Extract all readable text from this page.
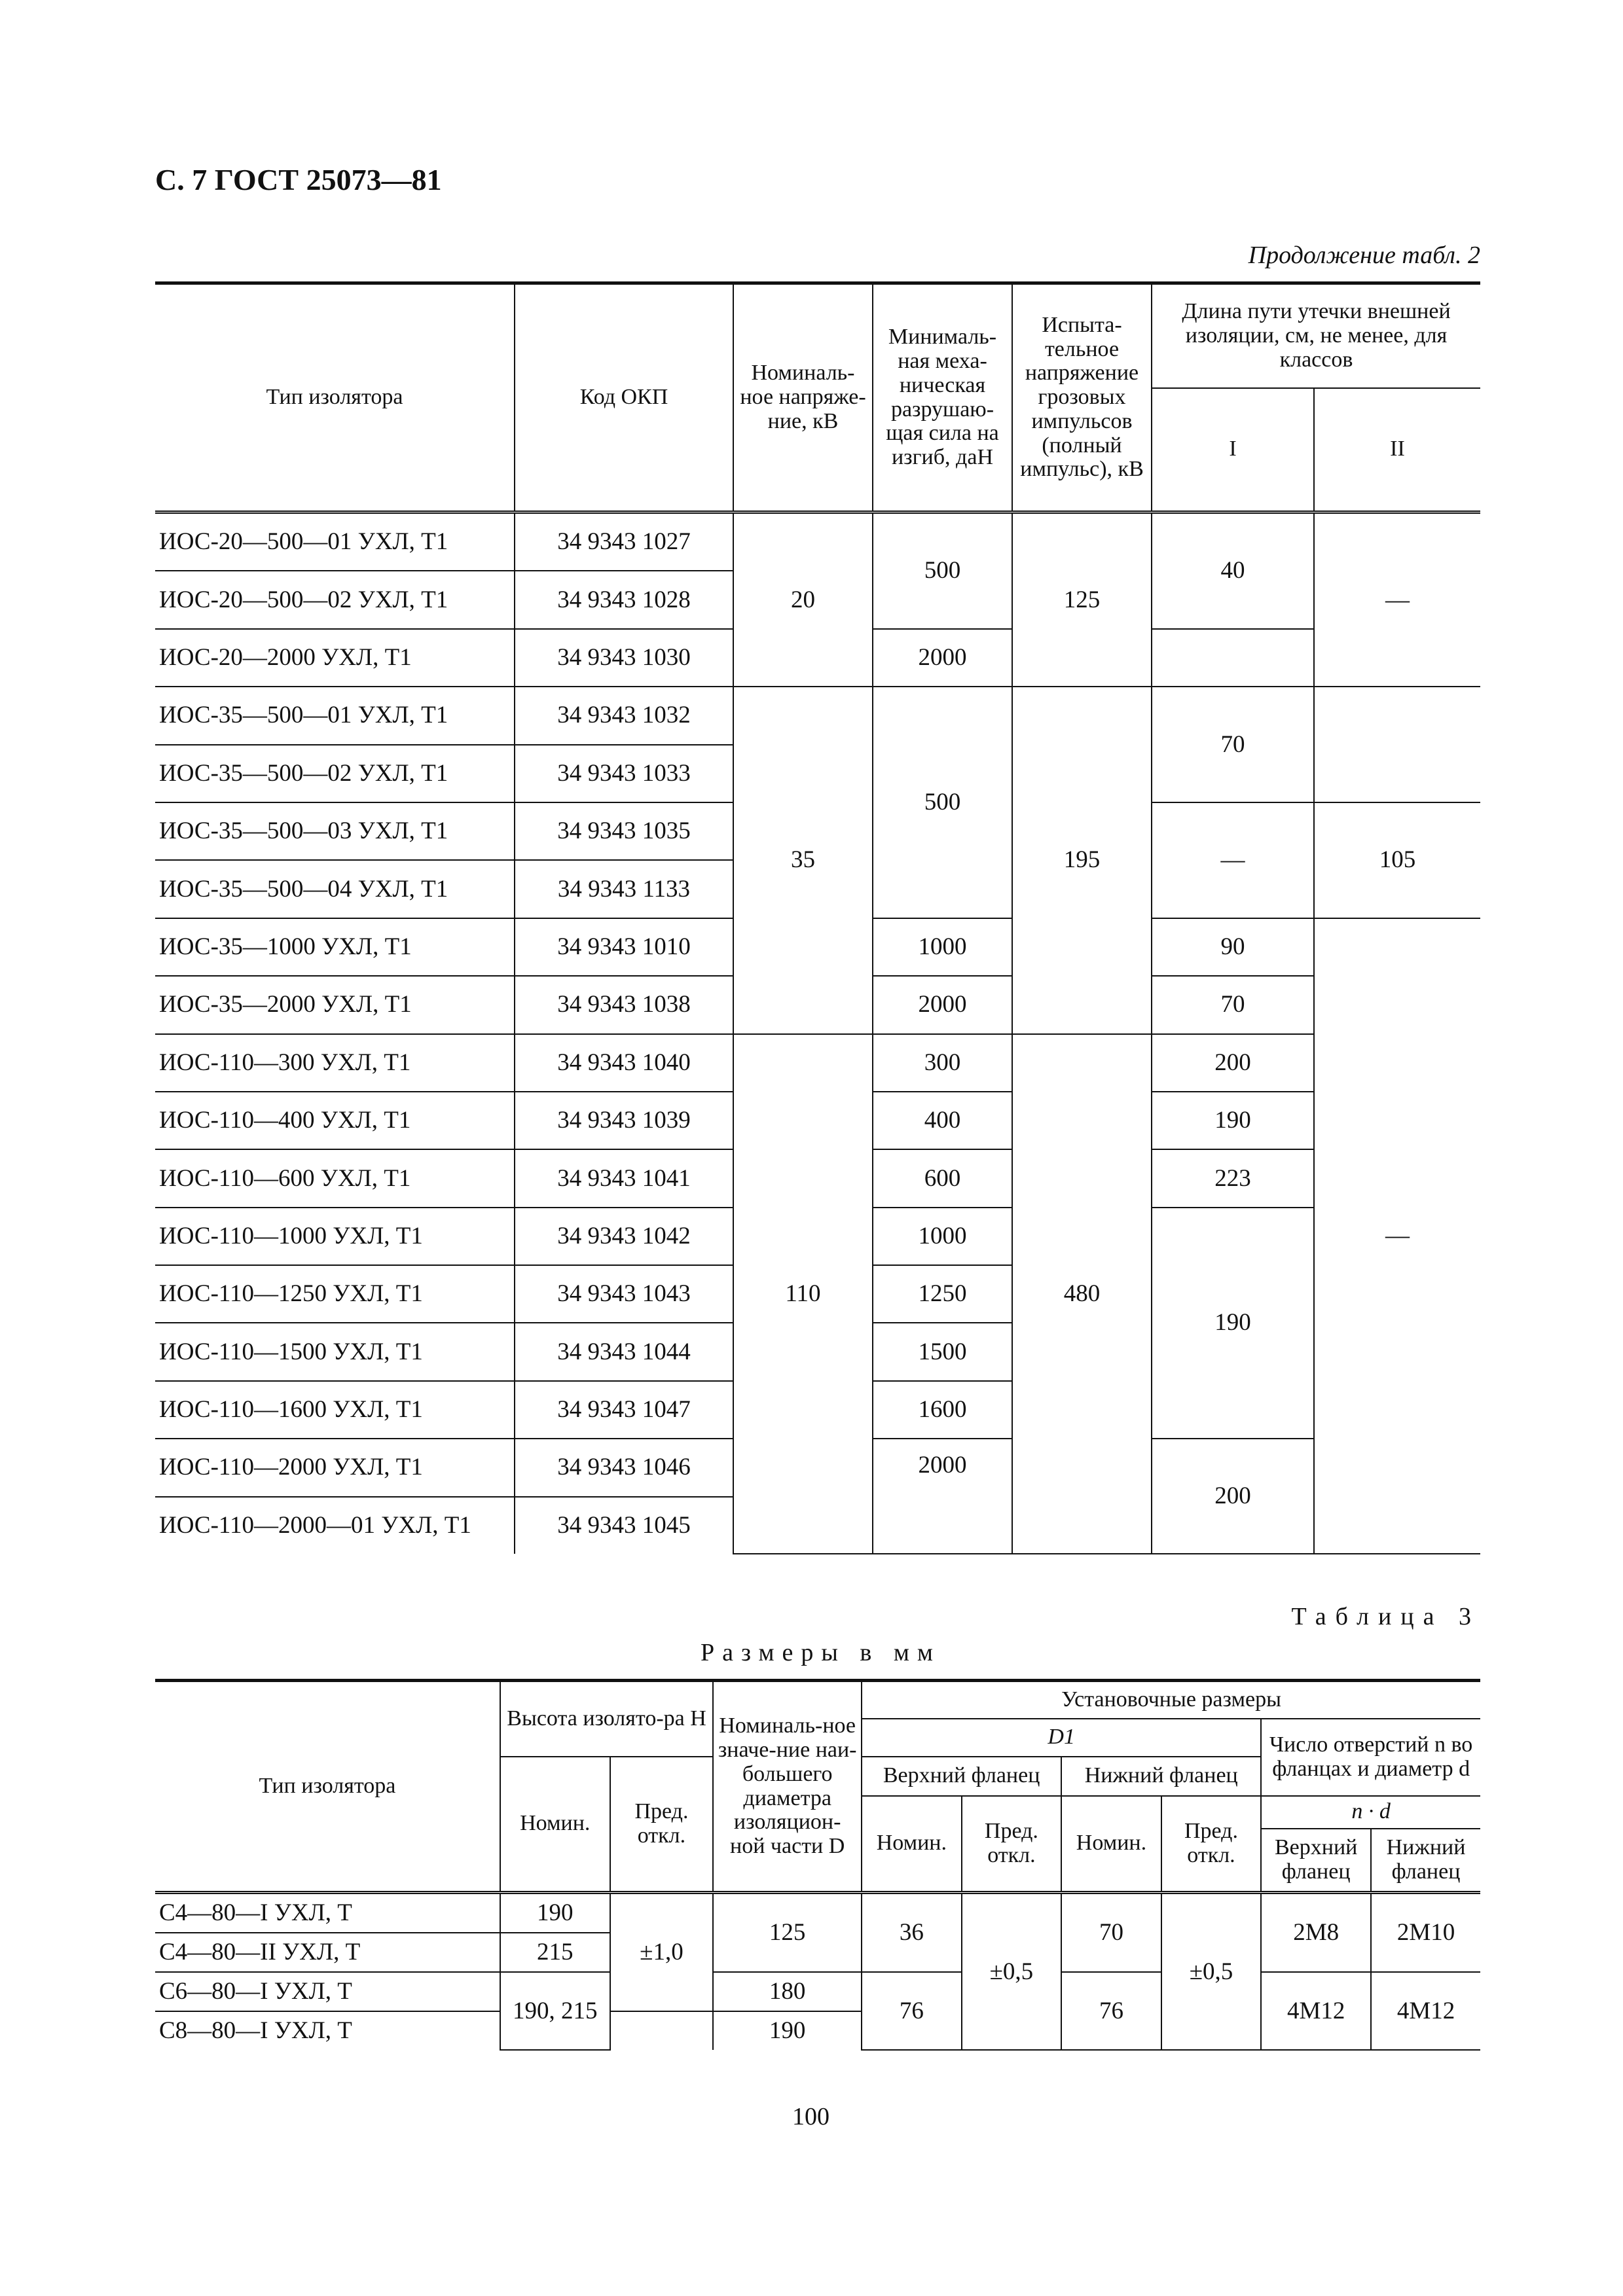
С. 7 ГОСТ 25073—81
Продолжение табл. 2
Тип изолятора	Код ОКП	Номиналь-ное напряже-ние, кВ	Минималь-ная меха-ническая разрушаю-щая сила на изгиб, даН	Испыта-тельное напряжение грозовых импульсов (полный импульс), кВ	Длина пути утечки внешней изоляции, см, не менее, для классов	
					I	II
ИОС-20—500—01 УХЛ, Т1	34 9343 1027	20	500	125	40	—
ИОС-20—500—02 УХЛ, Т1	34 9343 1028					
ИОС-20—2000 УХЛ, Т1	34 9343 1030		2000			
ИОС-35—500—01 УХЛ, Т1	34 9343 1032	35	500	195	70	
ИОС-35—500—02 УХЛ, Т1	34 9343 1033					
ИОС-35—500—03 УХЛ, Т1	34 9343 1035				—	105
ИОС-35—500—04 УХЛ, Т1	34 9343 1133					
ИОС-35—1000 УХЛ, Т1	34 9343 1010		1000		90	—
ИОС-35—2000 УХЛ, Т1	34 9343 1038		2000		70	
ИОС-110—300 УХЛ, Т1	34 9343 1040	110	300	480	200	
ИОС-110—400 УХЛ, Т1	34 9343 1039		400		190	
ИОС-110—600 УХЛ, Т1	34 9343 1041		600		223	
ИОС-110—1000 УХЛ, Т1	34 9343 1042		1000		190	
ИОС-110—1250 УХЛ, Т1	34 9343 1043		1250			
ИОС-110—1500 УХЛ, Т1	34 9343 1044		1500			
ИОС-110—1600 УХЛ, Т1	34 9343 1047		1600			
ИОС-110—2000 УХЛ, Т1	34 9343 1046		2000		200	
ИОС-110—2000—01 УХЛ, Т1	34 9343 1045					
Таблица 3
Размеры в мм
Тип изолятора	Высота изолято-ра H		Номиналь-ное значе-ние наи-большего диаметра изоляцион-ной части D	Установочные размеры					
				D1				Число отверстий n во фланцах и диаметр d	
	Номин.	Пред. откл.		Верхний фланец		Нижний фланец			
				Номин.	Пред. откл.	Номин.	Пред. откл.	n · d	
								Верхний фланец	Нижний фланец
С4—80—I УХЛ, Т	190	±1,0	125	36	±0,5	70	±0,5	2М8	2М10
С4—80—II УХЛ, Т	215								
С6—80—I УХЛ, Т	190, 215		180	76		76		4М12	4М12
С8—80—I УХЛ, Т			190						
100
